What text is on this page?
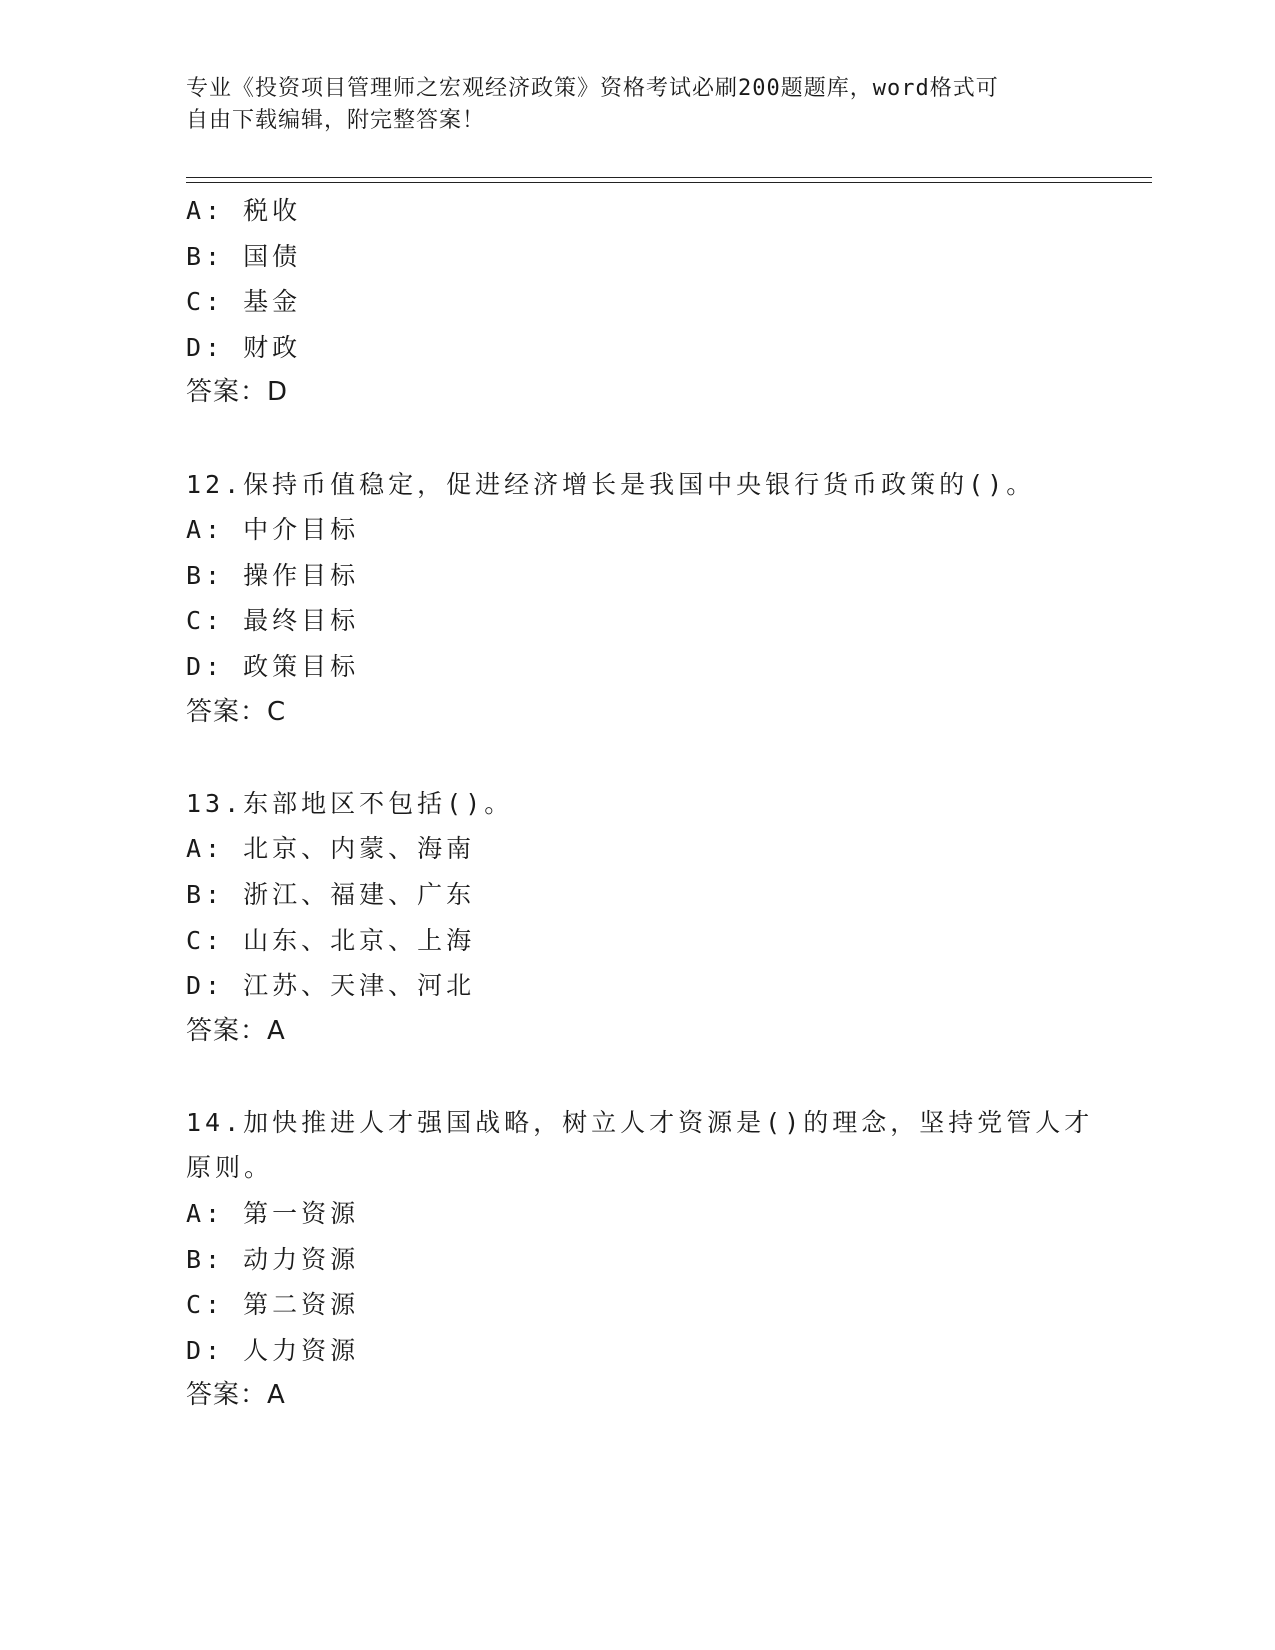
专业《投资项目管理师之宏观经济政策》资格考试必刷200题题库，word格式可

自由下载编辑，附完整答案！

A: 税收
B: 国债
C: 基金
D: 财政
答案：D
12.保持币值稳定，促进经济增长是我国中央银行货币政策的()。
A: 中介目标
B: 操作目标
C: 最终目标
D: 政策目标
答案：C
13.东部地区不包括()。
A: 北京、内蒙、海南
B: 浙江、福建、广东
C: 山东、北京、上海
D: 江苏、天津、河北
答案：A
14.加快推进人才强国战略，树立人才资源是()的理念，坚持党管人才
原则。
A: 第一资源
B: 动力资源
C: 第二资源
D: 人力资源
答案：A
